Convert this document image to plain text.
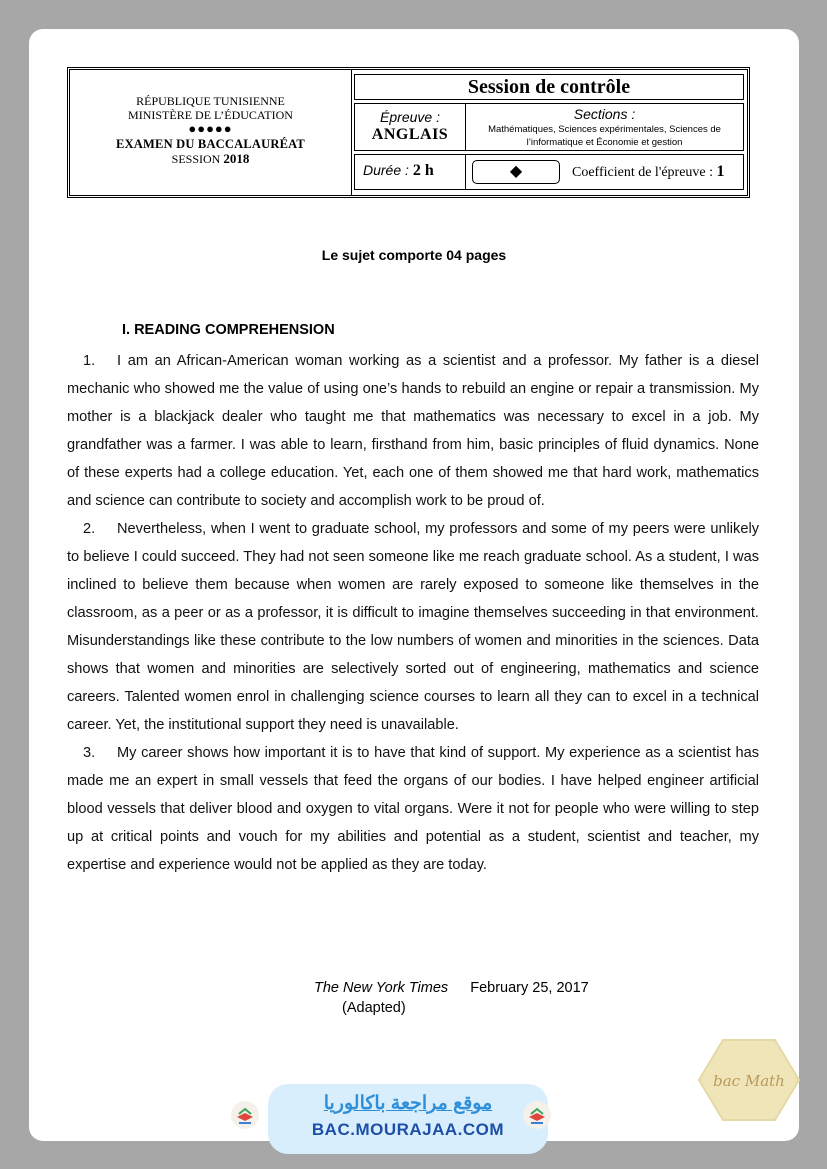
RÉPUBLIQUE TUNISIENNE
MINISTÈRE DE L’ÉDUCATION
●●●●●
EXAMEN DU BACCALAURÉAT
SESSION 2018
Session de contrôle
Épreuve :
ANGLAIS
Sections :
Mathématiques, Sciences expérimentales, Sciences de l’informatique et Économie et gestion
Durée : 2 h	◆	Coefficient de l'épreuve : 1
Le sujet comporte 04 pages
I. READING COMPREHENSION

1. I am an African-American woman working as a scientist and a professor. My father is a diesel mechanic who showed me the value of using one’s hands to rebuild an engine or repair a transmission. My mother is a blackjack dealer who taught me that mathematics was necessary to excel in a job. My grandfather was a farmer. I was able to learn, firsthand from him, basic principles of fluid dynamics. None of these experts had a college education. Yet, each one of them showed me that hard work, mathematics and science can contribute to society and accomplish work to be proud of.

2. Nevertheless, when I went to graduate school, my professors and some of my peers were unlikely to believe I could succeed. They had not seen someone like me reach graduate school. As a student, I was inclined to believe them because when women are rarely exposed to someone like themselves in the classroom, as a peer or as a professor, it is difficult to imagine themselves succeeding in that environment. Misunderstandings like these contribute to the low numbers of women and minorities in the sciences. Data shows that women and minorities are selectively sorted out of engineering, mathematics and science careers. Talented women enrol in challenging science courses to learn all they can to excel in a technical career. Yet, the institutional support they need is unavailable.

3. My career shows how important it is to have that kind of support. My experience as a scientist has made me an expert in small vessels that feed the organs of our bodies. I have helped engineer artificial blood vessels that deliver blood and oxygen to vital organs. Were it not for people who were willing to step up at critical points and vouch for my abilities and potential as a student, scientist and teacher, my expertise and experience would not be applied as they are today.

The New York Times February 25, 2017
(Adapted)
موقع مراجعة باكالوريا
BAC.MOURAJAA.COM
bac Math
